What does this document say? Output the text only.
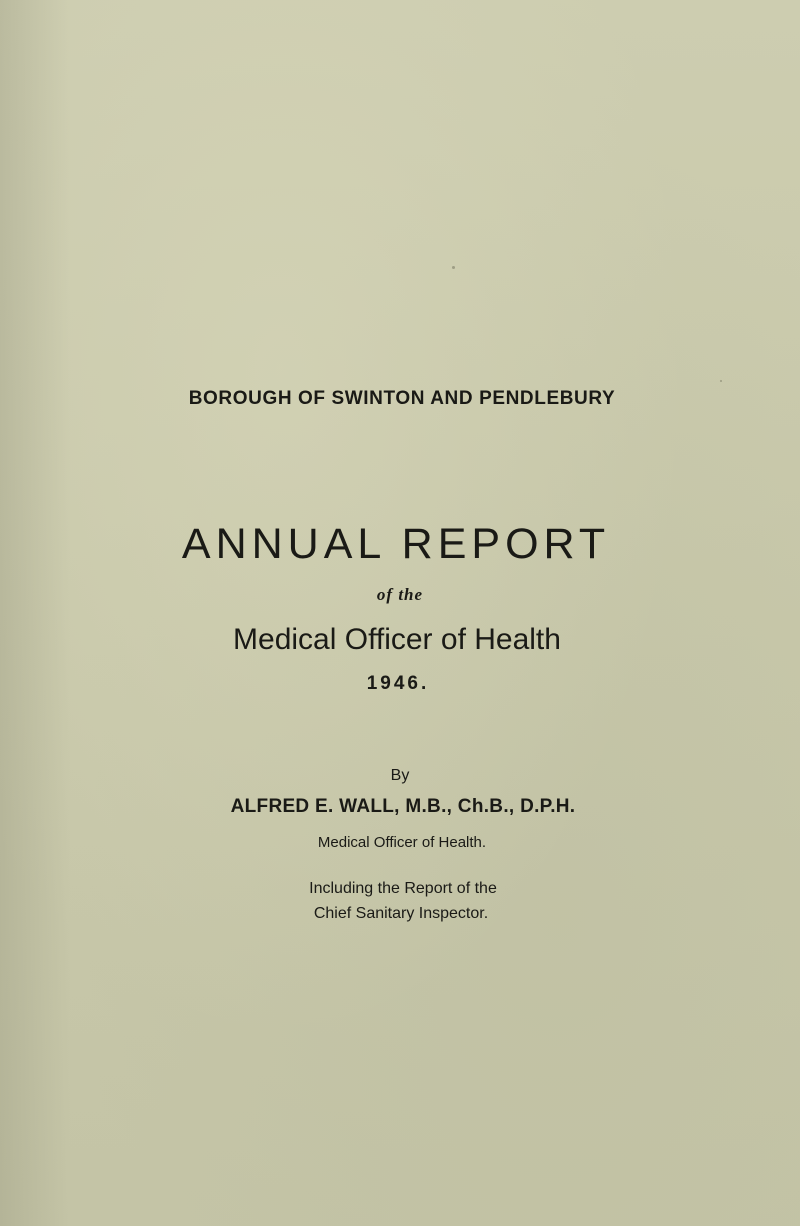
BOROUGH OF SWINTON AND PENDLEBURY
ANNUAL REPORT
of the
Medical Officer of Health
1946.
By
ALFRED E. WALL, M.B., Ch.B., D.P.H.
Medical Officer of Health.
Including the Report of the
Chief Sanitary Inspector.
